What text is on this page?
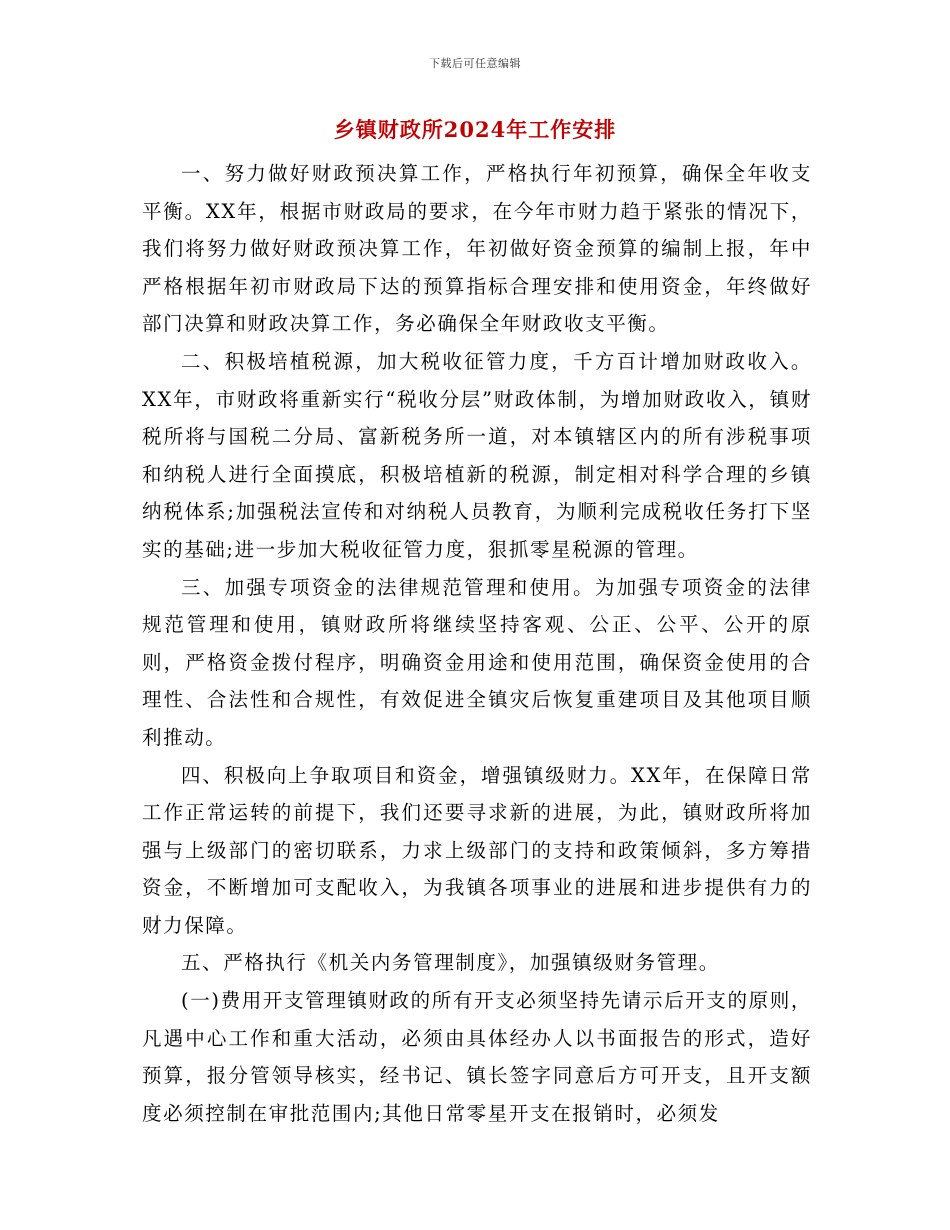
下载后可任意编辑
乡镇财政所2024年工作安排

一、努力做好财政预决算工作，严格执行年初预算，确保全年收支平衡。XX年，根据市财政局的要求，在今年市财力趋于紧张的情况下，我们将努力做好财政预决算工作，年初做好资金预算的编制上报，年中严格根据年初市财政局下达的预算指标合理安排和使用资金，年终做好部门决算和财政决算工作，务必确保全年财政收支平衡。

二、积极培植税源，加大税收征管力度，千方百计增加财政收入。XX年，市财政将重新实行“税收分层”财政体制，为增加财政收入，镇财税所将与国税二分局、富新税务所一道，对本镇辖区内的所有涉税事项和纳税人进行全面摸底，积极培植新的税源，制定相对科学合理的乡镇纳税体系;加强税法宣传和对纳税人员教育，为顺利完成税收任务打下坚实的基础;进一步加大税收征管力度，狠抓零星税源的管理。

三、加强专项资金的法律规范管理和使用。为加强专项资金的法律规范管理和使用，镇财政所将继续坚持客观、公正、公平、公开的原则，严格资金拨付程序，明确资金用途和使用范围，确保资金使用的合理性、合法性和合规性，有效促进全镇灾后恢复重建项目及其他项目顺利推动。

四、积极向上争取项目和资金，增强镇级财力。XX年，在保障日常工作正常运转的前提下，我们还要寻求新的进展，为此，镇财政所将加强与上级部门的密切联系，力求上级部门的支持和政策倾斜，多方筹措资金，不断增加可支配收入，为我镇各项事业的进展和进步提供有力的财力保障。

五、严格执行《机关内务管理制度》，加强镇级财务管理。

(一)费用开支管理镇财政的所有开支必须坚持先请示后开支的原则，凡遇中心工作和重大活动，必须由具体经办人以书面报告的形式，造好预算，报分管领导核实，经书记、镇长签字同意后方可开支，且开支额度必须控制在审批范围内;其他日常零星开支在报销时，必须发
